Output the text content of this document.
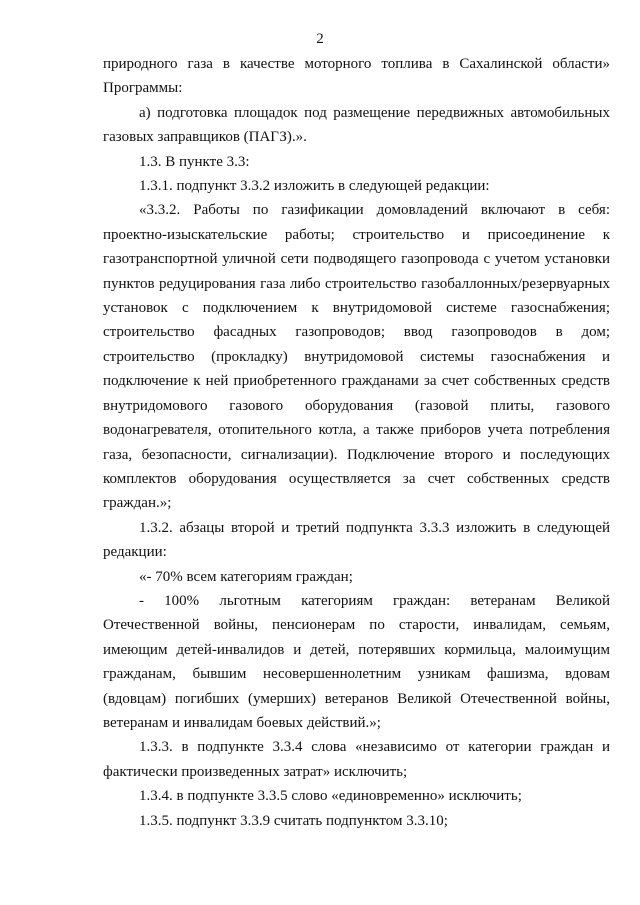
2

природного газа в качестве моторного топлива в Сахалинской области» Программы:

а) подготовка площадок под размещение передвижных автомобильных газовых заправщиков (ПАГЗ).».

1.3. В пункте 3.3:

1.3.1. подпункт 3.3.2 изложить в следующей редакции:

«3.3.2. Работы по газификации домовладений включают в себя: проектно-изыскательские работы; строительство и присоединение к газотранспортной уличной сети подводящего газопровода с учетом установки пунктов редуцирования газа либо строительство газобаллонных/резервуарных установок с подключением к внутридомовой системе газоснабжения; строительство фасадных газопроводов; ввод газопроводов в дом; строительство (прокладку) внутридомовой системы газоснабжения и подключение к ней приобретенного гражданами за счет собственных средств внутридомового газового оборудования (газовой плиты, газового водонагревателя, отопительного котла, а также приборов учета потребления газа, безопасности, сигнализации). Подключение второго и последующих комплектов оборудования осуществляется за счет собственных средств граждан.»;

1.3.2. абзацы второй и третий подпункта 3.3.3 изложить в следующей редакции:

«- 70% всем категориям граждан;

- 100% льготным категориям граждан: ветеранам Великой Отечественной войны, пенсионерам по старости, инвалидам, семьям, имеющим детей-инвалидов и детей, потерявших кормильца, малоимущим гражданам, бывшим несовершеннолетним узникам фашизма, вдовам (вдовцам) погибших (умерших) ветеранов Великой Отечественной войны, ветеранам и инвалидам боевых действий.»;

1.3.3. в подпункте 3.3.4 слова «независимо от категории граждан и фактически произведенных затрат» исключить;

1.3.4. в подпункте 3.3.5 слово «единовременно» исключить;

1.3.5. подпункт 3.3.9 считать подпунктом 3.3.10;
